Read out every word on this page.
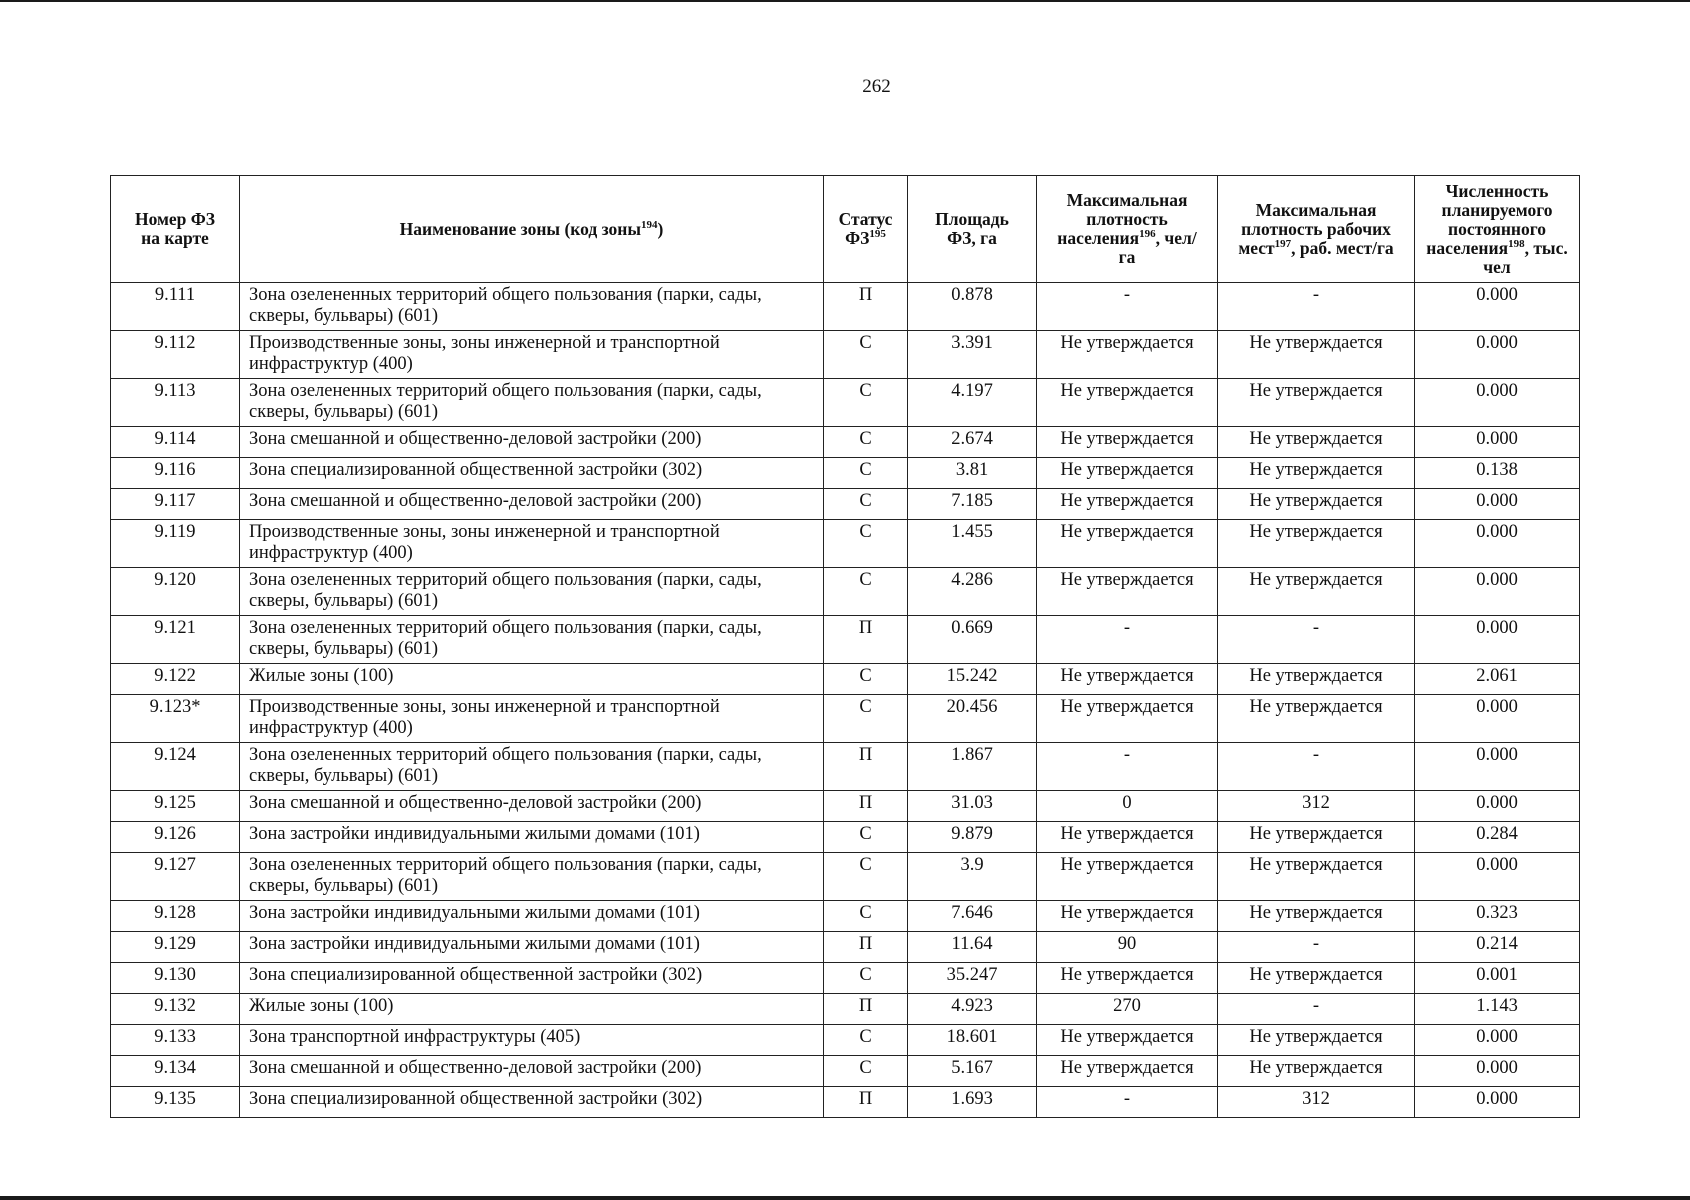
262
Номер ФЗ на карте	Наименование зоны (код зоны$^{194}$)	Статус ФЗ$^{195}$	Площадь ФЗ, га	Максимальная плотность населения$^{196}$, чел/га	Максимальная плотность рабочих мест$^{197}$, раб. мест/га	Численность планируемого постоянного населения$^{198}$, тыс. чел
9.111	Зона озелененных территорий общего пользования (парки, сады, скверы, бульвары) (601)	П	0.878	-	-	0.000
9.112	Производственные зоны, зоны инженерной и транспортной инфраструктур (400)	С	3.391	Не утверждается	Не утверждается	0.000
9.113	Зона озелененных территорий общего пользования (парки, сады, скверы, бульвары) (601)	С	4.197	Не утверждается	Не утверждается	0.000
9.114	Зона смешанной и общественно-деловой застройки (200)	С	2.674	Не утверждается	Не утверждается	0.000
9.116	Зона специализированной общественной застройки (302)	С	3.81	Не утверждается	Не утверждается	0.138
9.117	Зона смешанной и общественно-деловой застройки (200)	С	7.185	Не утверждается	Не утверждается	0.000
9.119	Производственные зоны, зоны инженерной и транспортной инфраструктур (400)	С	1.455	Не утверждается	Не утверждается	0.000
9.120	Зона озелененных территорий общего пользования (парки, сады, скверы, бульвары) (601)	С	4.286	Не утверждается	Не утверждается	0.000
9.121	Зона озелененных территорий общего пользования (парки, сады, скверы, бульвары) (601)	П	0.669	-	-	0.000
9.122	Жилые зоны (100)	С	15.242	Не утверждается	Не утверждается	2.061
9.123*	Производственные зоны, зоны инженерной и транспортной инфраструктур (400)	С	20.456	Не утверждается	Не утверждается	0.000
9.124	Зона озелененных территорий общего пользования (парки, сады, скверы, бульвары) (601)	П	1.867	-	-	0.000
9.125	Зона смешанной и общественно-деловой застройки (200)	П	31.03	0	312	0.000
9.126	Зона застройки индивидуальными жилыми домами (101)	С	9.879	Не утверждается	Не утверждается	0.284
9.127	Зона озелененных территорий общего пользования (парки, сады, скверы, бульвары) (601)	С	3.9	Не утверждается	Не утверждается	0.000
9.128	Зона застройки индивидуальными жилыми домами (101)	С	7.646	Не утверждается	Не утверждается	0.323
9.129	Зона застройки индивидуальными жилыми домами (101)	П	11.64	90	-	0.214
9.130	Зона специализированной общественной застройки (302)	С	35.247	Не утверждается	Не утверждается	0.001
9.132	Жилые зоны (100)	П	4.923	270	-	1.143
9.133	Зона транспортной инфраструктуры (405)	С	18.601	Не утверждается	Не утверждается	0.000
9.134	Зона смешанной и общественно-деловой застройки (200)	С	5.167	Не утверждается	Не утверждается	0.000
9.135	Зона специализированной общественной застройки (302)	П	1.693	-	312	0.000
